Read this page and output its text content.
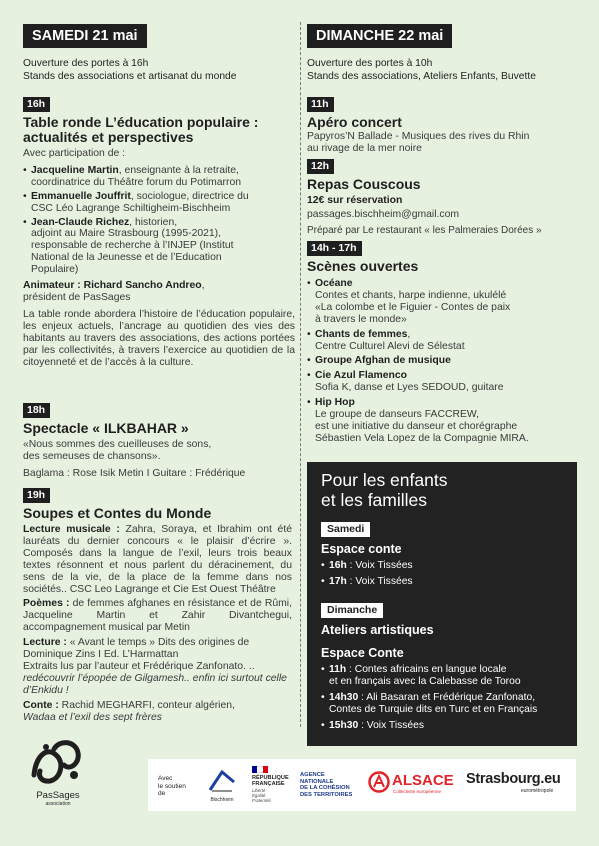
SAMEDI 21 mai
Ouverture des portes à 16h
Stands des associations et artisanat du monde
16h
Table ronde L’éducation populaire :
actualités et perspectives
Avec participation de :
• Jacqueline Martin, enseignante à la retraite,
coordinatrice du Théâtre forum du Potimarron
• Emmanuelle Jouffrit, sociologue, directrice du
CSC Léo Lagrange Schiltigheim-Bischheim
• Jean-Claude Richez, historien,
adjoint au Maire Strasbourg (1995-2021),
responsable de recherche à l’INJEP (Institut
National de la Jeunesse et de l’Education
Populaire)
Animateur : Richard Sancho Andreo,
président de PasSages
La table ronde abordera l’histoire de l’éducation populaire, les enjeux actuels, l’ancrage au quotidien des vies des habitants au travers des associations, des actions portées par les collectivités, à travers l’exercice au quotidien de la citoyenneté et de l’accès à la culture.
18h
Spectacle « ILKBAHAR »
«Nous sommes des cueilleuses de sons,
des semeuses de chansons».
Baglama : Rose Isik Metin I Guitare : Frédérique
19h
Soupes et Contes du Monde
Lecture musicale : Zahra, Soraya, et Ibrahim ont été lauréats du dernier concours « le plaisir d’écrire ». Composés dans la langue de l’exil, leurs trois beaux textes résonnent et nous parlent du déracinement, du sens de la vie, de la place de la femme dans nos sociétés.. CSC Leo Lagrange et Cie Est Ouest Théâtre
Poèmes : de femmes afghanes en résistance et de Rûmi, Jacqueline Martin et Zahir Divantchegui, accompagnement musical par Metin
Lecture : « Avant le temps » Dits des origines de Dominique Zins I Ed. L’Harmattan
Extraits lus par l’auteur et Frédérique Zanfonato. ..
redécouvrir l’épopée de Gilgamesh.. enfin ici surtout celle d’Enkidu !
Conte : Rachid MEGHARFI, conteur algérien,
Wadaa et l’exil des sept frères
DIMANCHE 22 mai
Ouverture des portes à 10h
Stands des associations, Ateliers Enfants, Buvette
11h
Apéro concert
Papyros’N Ballade - Musiques des rives du Rhin
au rivage de la mer noire
12h
Repas Couscous
12€ sur réservation
passages.bischheim@gmail.com
Préparé par Le restaurant « les Palmeraies Dorées »
14h - 17h
Scènes ouvertes
• Océane
Contes et chants, harpe indienne, ukulélé
«La colombe et le Figuier - Contes de paix
à travers le monde»
• Chants de femmes,
Centre Culturel Alevi de Sélestat
• Groupe Afghan de musique
• Cie Azul Flamenco
Sofia K, danse et Lyes SEDOUD, guitare
• Hip Hop
Le groupe de danseurs FACCREW,
est une initiative du danseur et chorégraphe
Sébastien Vela Lopez de la Compagnie MIRA.
Pour les enfants
et les familles
Samedi
Espace conte
• 16h : Voix Tissées
• 17h : Voix Tissées
Dimanche
Ateliers artistiques
Espace Conte
• 11h : Contes africains en langue locale
et en français avec la Calebasse de Toroo
• 14h30 : Ali Basaran et Frédérique Zanfonato,
Contes de Turquie dits en Turc et en Français
• 15h30 : Voix Tissées
PasSages
association
Avec
le soutien
de
Bischheim
RÉPUBLIQUE
FRANÇAISE
Liberté
Égalité
Fraternité
AGENCE
NATIONALE
DE LA COHÉSION
DES TERRITOIRES
ALSACE
Collectivité européenne
Strasbourg.eu
eurométropole
